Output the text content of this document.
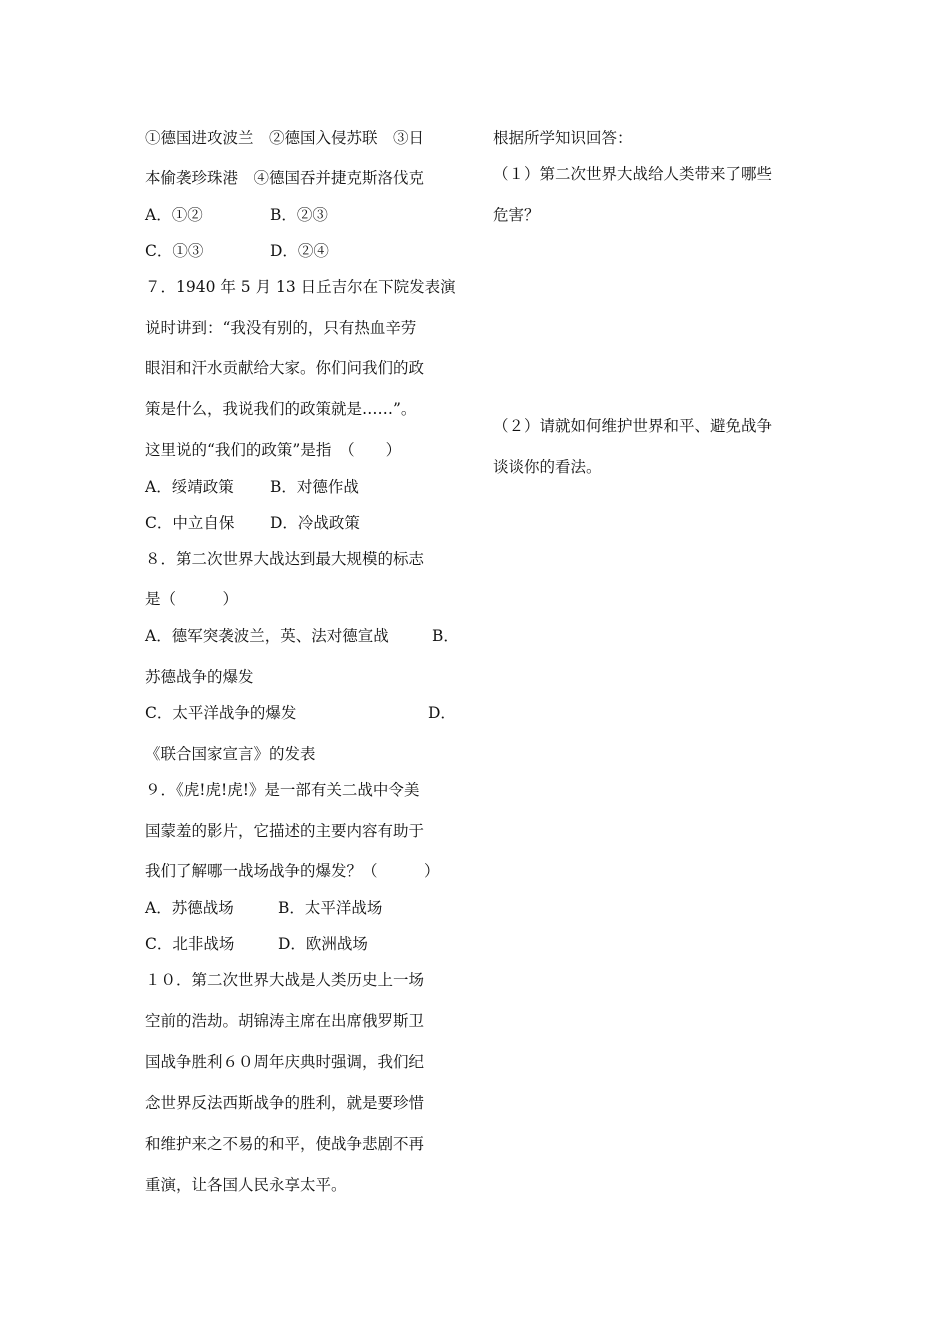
①德国进攻波兰　②德国入侵苏联　③日
本偷袭珍珠港　④德国吞并捷克斯洛伐克
A．①②	B．②③
C．①③	D．②④
７．1940 年 5 月 13 日丘吉尔在下院发表演
说时讲到：“我没有别的，只有热血辛劳
眼泪和汗水贡献给大家。你们问我们的政
策是什么，我说我们的政策就是……”。
这里说的“我们的政策”是指　（　　）
A．绥靖政策 B．对德作战
C．中立自保 D．冷战政策
８．第二次世界大战达到最大规模的标志
是（　　　）
A．德军突袭波兰，英、法对德宣战	B．
苏德战争的爆发
C．太平洋战争的爆发	D．
《联合国家宣言》的发表
９．《虎!虎!虎!》是一部有关二战中令美
国蒙羞的影片，它描述的主要内容有助于
我们了解哪一战场战争的爆发？（　　　）
A．苏德战场	B．太平洋战场
C．北非战场	D．欧洲战场
１０．第二次世界大战是人类历史上一场
空前的浩劫。胡锦涛主席在出席俄罗斯卫
国战争胜利６０周年庆典时强调，我们纪
念世界反法西斯战争的胜利，就是要珍惜
和维护来之不易的和平，使战争悲剧不再
重演，让各国人民永享太平。
根据所学知识回答：
（１）第二次世界大战给人类带来了哪些
危害？
（２）请就如何维护世界和平、避免战争
谈谈你的看法。
